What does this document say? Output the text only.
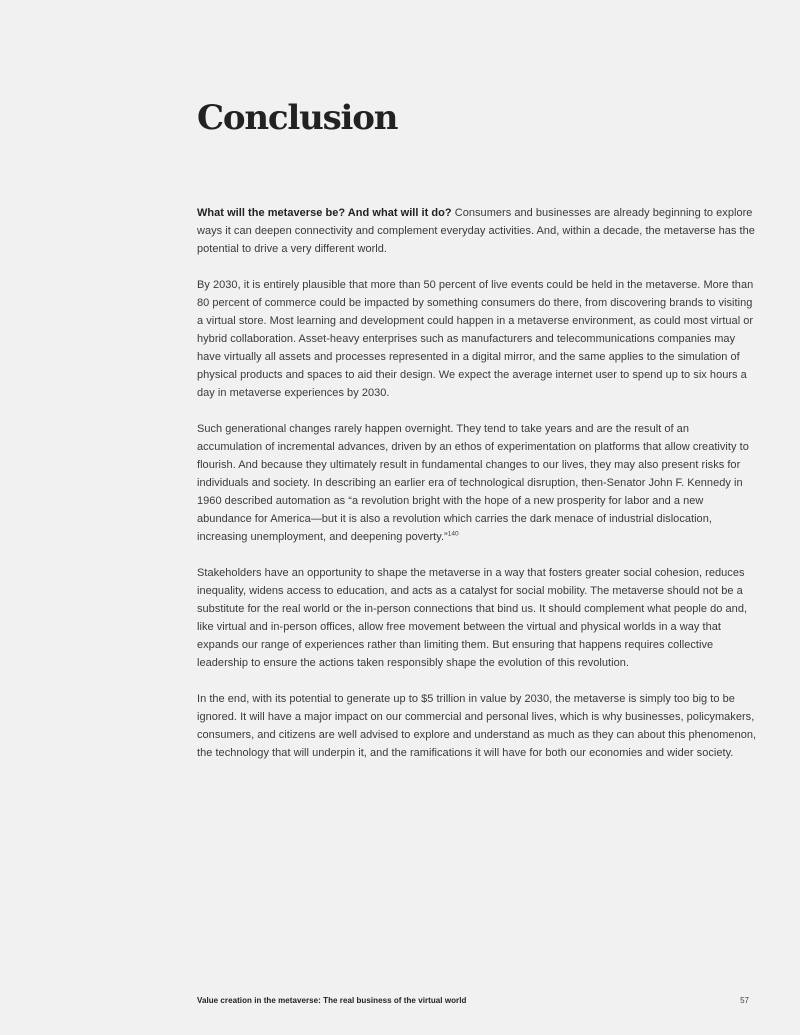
Conclusion

What will the metaverse be? And what will it do? Consumers and businesses are already beginning to explore ways it can deepen connectivity and complement everyday activities. And, within a decade, the metaverse has the potential to drive a very different world.

By 2030, it is entirely plausible that more than 50 percent of live events could be held in the metaverse. More than 80 percent of commerce could be impacted by something consumers do there, from discovering brands to visiting a virtual store. Most learning and development could happen in a metaverse environment, as could most virtual or hybrid collaboration. Asset-heavy enterprises such as manufacturers and telecommunications companies may have virtually all assets and processes represented in a digital mirror, and the same applies to the simulation of physical products and spaces to aid their design. We expect the average internet user to spend up to six hours a day in metaverse experiences by 2030.

Such generational changes rarely happen overnight. They tend to take years and are the result of an accumulation of incremental advances, driven by an ethos of experimentation on platforms that allow creativity to flourish. And because they ultimately result in fundamental changes to our lives, they may also present risks for individuals and society. In describing an earlier era of technological disruption, then-Senator John F. Kennedy in 1960 described automation as “a revolution bright with the hope of a new prosperity for labor and a new abundance for America—but it is also a revolution which carries the dark menace of industrial dislocation, increasing unemployment, and deepening poverty.”$^{140}$

Stakeholders have an opportunity to shape the metaverse in a way that fosters greater social cohesion, reduces inequality, widens access to education, and acts as a catalyst for social mobility. The metaverse should not be a substitute for the real world or the in-person connections that bind us. It should complement what people do and, like virtual and in-person offices, allow free movement between the virtual and physical worlds in a way that expands our range of experiences rather than limiting them. But ensuring that happens requires collective leadership to ensure the actions taken responsibly shape the evolution of this revolution.

In the end, with its potential to generate up to $5 trillion in value by 2030, the metaverse is simply too big to be ignored. It will have a major impact on our commercial and personal lives, which is why businesses, policymakers, consumers, and citizens are well advised to explore and understand as much as they can about this phenomenon, the technology that will underpin it, and the ramifications it will have for both our economies and wider society.

Value creation in the metaverse: The real business of the virtual world	57
